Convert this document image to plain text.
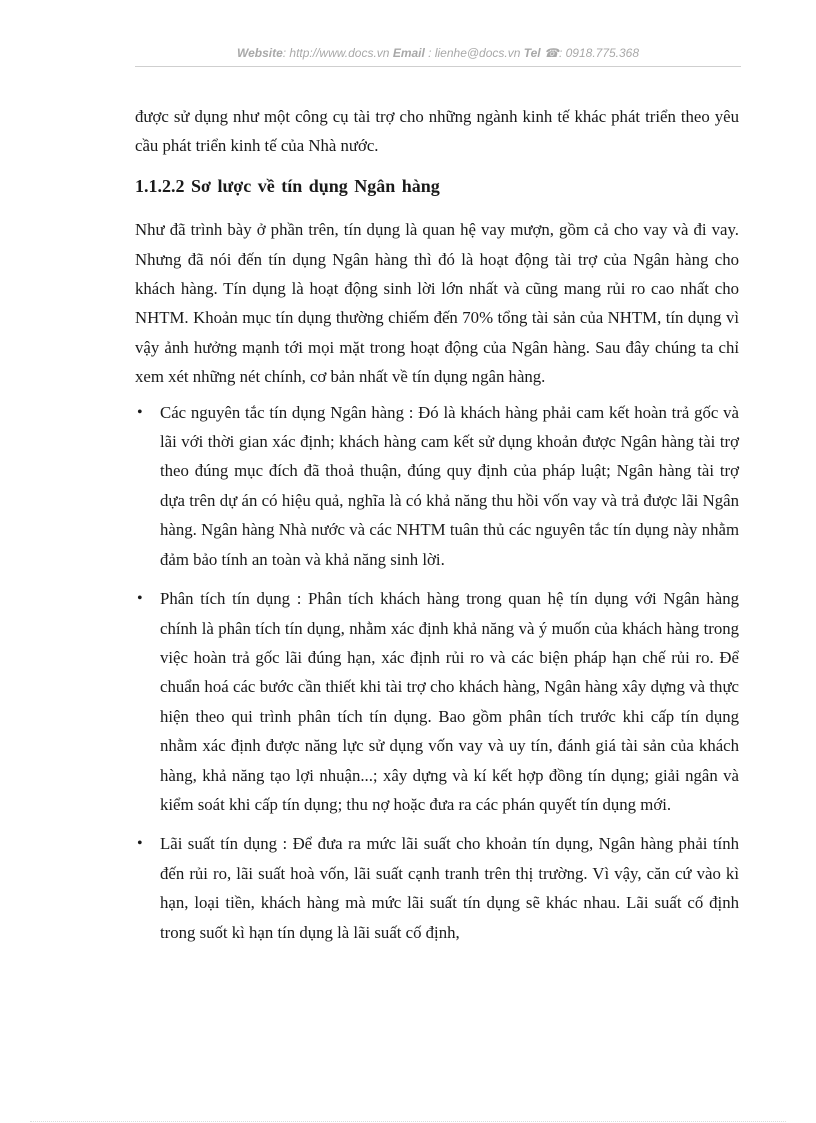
Website: http://www.docs.vn Email : lienhe@docs.vn Tel ☎: 0918.775.368

được sử dụng như một công cụ tài trợ cho những ngành kinh tế khác phát triển theo yêu cầu phát triển kinh tế của Nhà nước.

1.1.2.2 Sơ lược về tín dụng Ngân hàng

Như đã trình bày ở phần trên, tín dụng là quan hệ vay mượn, gồm cả cho vay và đi vay. Nhưng đã nói đến tín dụng Ngân hàng thì đó là hoạt động tài trợ của Ngân hàng cho khách hàng. Tín dụng là hoạt động sinh lời lớn nhất và cũng mang rủi ro cao nhất cho NHTM. Khoản mục tín dụng thường chiếm đến 70% tổng tài sản của NHTM, tín dụng vì vậy ảnh hưởng mạnh tới mọi mặt trong hoạt động của Ngân hàng. Sau đây chúng ta chỉ xem xét những nét chính, cơ bản nhất về tín dụng ngân hàng.

• Các nguyên tắc tín dụng Ngân hàng : Đó là khách hàng phải cam kết hoàn trả gốc và lãi với thời gian xác định; khách hàng cam kết sử dụng khoản được Ngân hàng tài trợ theo đúng mục đích đã thoả thuận, đúng quy định của pháp luật; Ngân hàng tài trợ dựa trên dự án có hiệu quả, nghĩa là có khả năng thu hồi vốn vay và trả được lãi Ngân hàng. Ngân hàng Nhà nước và các NHTM tuân thủ các nguyên tắc tín dụng này nhằm đảm bảo tính an toàn và khả năng sinh lời.
• Phân tích tín dụng : Phân tích khách hàng trong quan hệ tín dụng với Ngân hàng chính là phân tích tín dụng, nhằm xác định khả năng và ý muốn của khách hàng trong việc hoàn trả gốc lãi đúng hạn, xác định rủi ro và các biện pháp hạn chế rủi ro. Để chuẩn hoá các bước cần thiết khi tài trợ cho khách hàng, Ngân hàng xây dựng và thực hiện theo qui trình phân tích tín dụng. Bao gồm phân tích trước khi cấp tín dụng nhằm xác định được năng lực sử dụng vốn vay và uy tín, đánh giá tài sản của khách hàng, khả năng tạo lợi nhuận...; xây dựng và kí kết hợp đồng tín dụng; giải ngân và kiểm soát khi cấp tín dụng; thu nợ hoặc đưa ra các phán quyết tín dụng mới.
• Lãi suất tín dụng : Để đưa ra mức lãi suất cho khoản tín dụng, Ngân hàng phải tính đến rủi ro, lãi suất hoà vốn, lãi suất cạnh tranh trên thị trường. Vì vậy, căn cứ vào kì hạn, loại tiền, khách hàng mà mức lãi suất tín dụng sẽ khác nhau. Lãi suất cố định trong suốt kì hạn tín dụng là lãi suất cố định,
